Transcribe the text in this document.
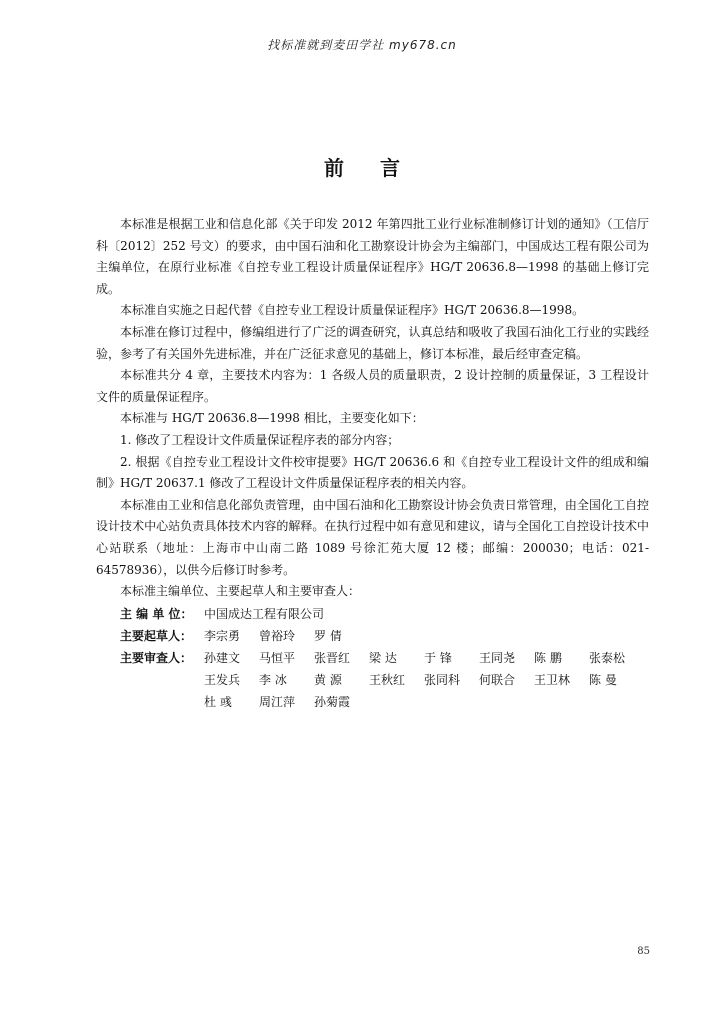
找标准就到麦田学社 my678.cn
前言

本标准是根据工业和信息化部《关于印发 2012 年第四批工业行业标准制修订计划的通知》（工信厅科〔2012〕252 号文）的要求，由中国石油和化工勘察设计协会为主编部门，中国成达工程有限公司为主编单位，在原行业标准《自控专业工程设计质量保证程序》HG/T 20636.8—1998 的基础上修订完成。

本标准自实施之日起代替《自控专业工程设计质量保证程序》HG/T 20636.8—1998。

本标准在修订过程中，修编组进行了广泛的调查研究，认真总结和吸收了我国石油化工行业的实践经验，参考了有关国外先进标准，并在广泛征求意见的基础上，修订本标准，最后经审查定稿。

本标准共分 4 章，主要技术内容为：1 各级人员的质量职责，2 设计控制的质量保证，3 工程设计文件的质量保证程序。

本标准与 HG/T 20636.8—1998 相比，主要变化如下：

1. 修改了工程设计文件质量保证程序表的部分内容；

2. 根据《自控专业工程设计文件校审提要》HG/T 20636.6 和《自控专业工程设计文件的组成和编制》HG/T 20637.1 修改了工程设计文件质量保证程序表的相关内容。

本标准由工业和信息化部负责管理，由中国石油和化工勘察设计协会负责日常管理，由全国化工自控设计技术中心站负责具体技术内容的解释。在执行过程中如有意见和建议，请与全国化工自控设计技术中心站联系（地址：上海市中山南二路 1089 号徐汇苑大厦 12 楼；邮编：200030；电话：021-64578936），以供今后修订时参考。

本标准主编单位、主要起草人和主要审查人：

主 编 单 位： 中国成达工程有限公司
主要起草人： 李宗勇	曾裕玲	罗 倩
主要审查人： 孙建文	马恒平	张晋红	梁 达	于 锋	王同尧	陈 鹏	张泰松
王发兵	李 冰	黄 源	王秋红	张同科	何联合	王卫林	陈 曼
杜 彧	周江萍	孙菊霞
85
